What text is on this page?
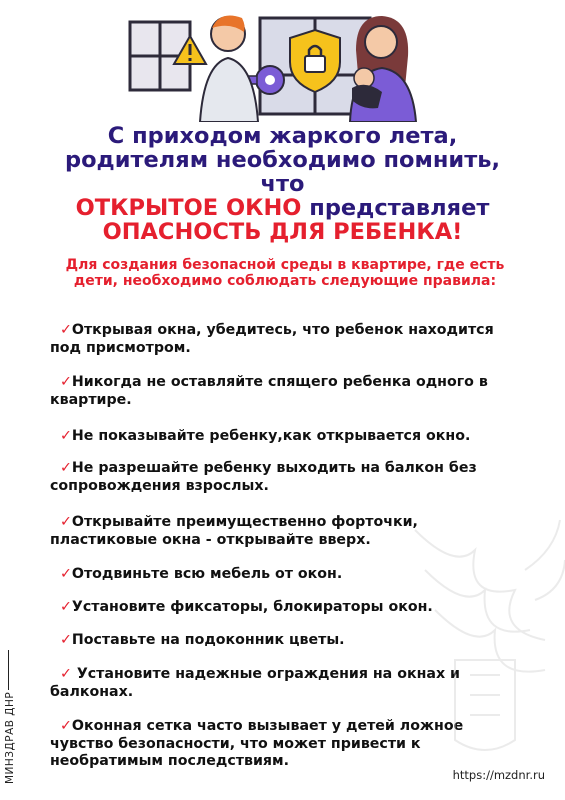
С приходом жаркого лета,
родителям необходимо помнить,
что
ОТКРЫТОЕ ОКНО представляет
ОПАСНОСТЬ ДЛЯ РЕБЕНКА!
Для создания безопасной среды в квартире, где есть дети, необходимо соблюдать следующие правила:
✓Открывая окна, убедитесь, что ребенок находится под присмотром.
✓Никогда не оставляйте спящего ребенка одного в квартире.
✓Не показывайте ребенку,как открывается окно.
✓Не разрешайте ребенку выходить на балкон без сопровождения взрослых.
✓Открывайте преимущественно форточки, пластиковые окна - открывайте вверх.
✓Отодвиньте всю мебель от окон.
✓Установите фиксаторы, блокираторы окон.
✓Поставьте на подоконник цветы.
✓ Установите надежные ограждения на окнах и балконах.
✓Оконная сетка часто вызывает у детей ложное чувство безопасности, что может привести к необратимым последствиям.
МИНЗДРАВ ДНР	https://mzdnr.ru
